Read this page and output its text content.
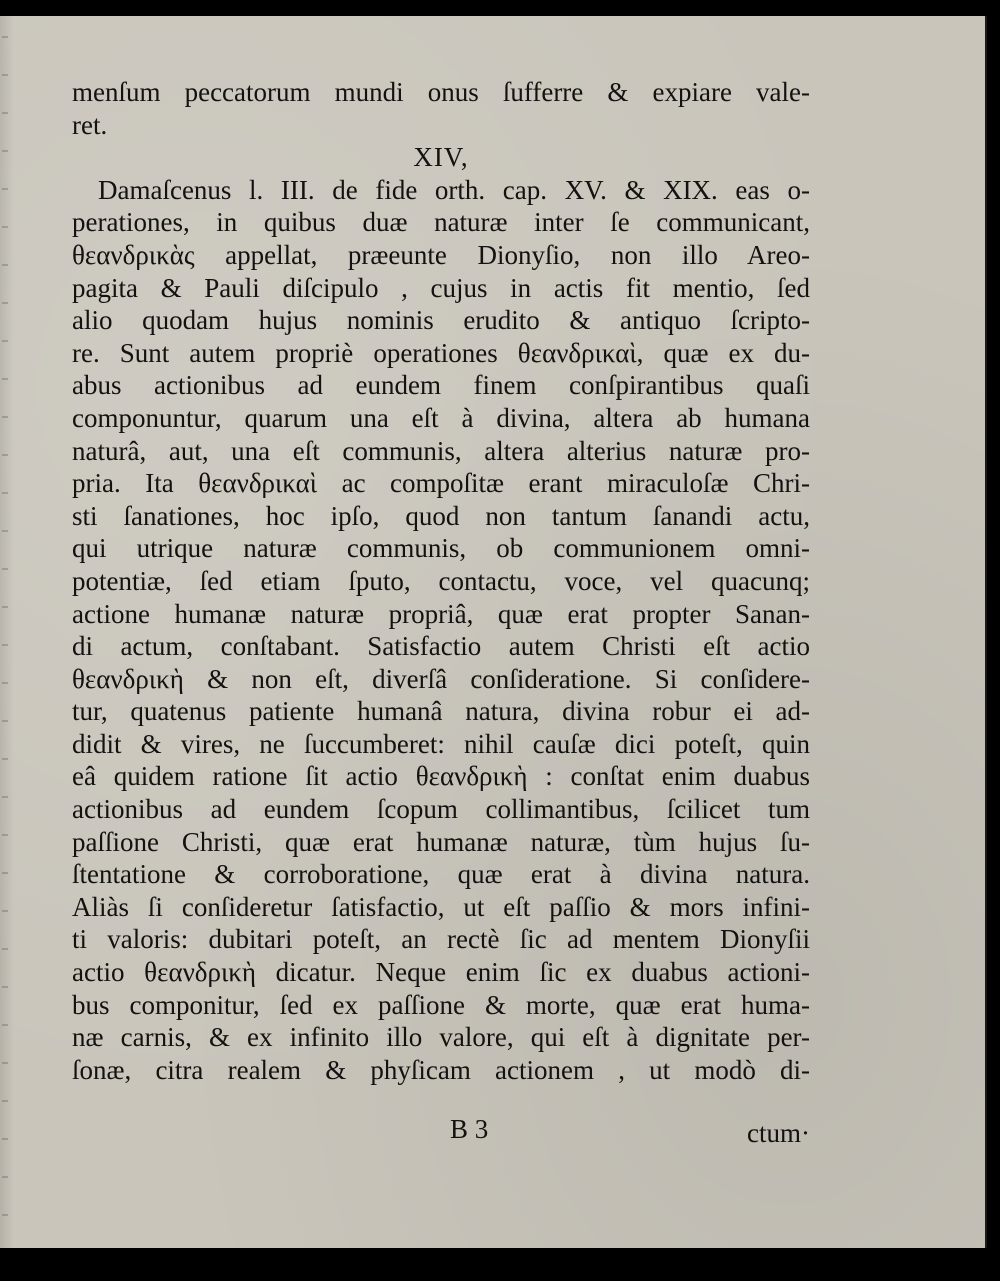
menſum peccatorum mundi onus ſufferre & expiare vale-
ret.
XIV,
Damaſcenus l. III. de fide orth. cap. XV. & XIX. eas o-
perationes, in quibus duæ naturæ inter ſe communicant,
θεανδρικὰς appellat, præeunte Dionyſio, non illo Areo-
pagita & Pauli diſcipulo , cujus in actis fit mentio, ſed
alio quodam hujus nominis erudito & antiquo ſcripto-
re. Sunt autem propriè operationes θεανδρικαὶ, quæ ex du-
abus actionibus ad eundem finem conſpirantibus quaſi
componuntur, quarum una eſt à divina, altera ab humana
naturâ, aut, una eſt communis, altera alterius naturæ pro-
pria. Ita θεανδρικαὶ ac compoſitæ erant miraculoſæ Chri-
sti ſanationes, hoc ipſo, quod non tantum ſanandi actu,
qui utrique naturæ communis, ob communionem omni-
potentiæ, ſed etiam ſputo, contactu, voce, vel quacunq;
actione humanæ naturæ propriâ, quæ erat propter Sanan-
di actum, conſtabant. Satisfactio autem Christi eſt actio
θεανδρικὴ & non eſt, diverſâ conſideratione. Si conſidere-
tur, quatenus patiente humanâ natura, divina robur ei ad-
didit & vires, ne ſuccumberet: nihil cauſæ dici poteſt, quin
eâ quidem ratione ſit actio θεανδρικὴ : conſtat enim duabus
actionibus ad eundem ſcopum collimantibus, ſcilicet tum
paſſione Christi, quæ erat humanæ naturæ, tùm hujus ſu-
ſtentatione & corroboratione, quæ erat à divina natura.
Aliàs ſi conſideretur ſatisfactio, ut eſt paſſio & mors infini-
ti valoris: dubitari poteſt, an rectè ſic ad mentem Dionyſii
actio θεανδρικὴ dicatur. Neque enim ſic ex duabus actioni-
bus componitur, ſed ex paſſione & morte, quæ erat huma-
næ carnis, & ex infinito illo valore, qui eſt à dignitate per-
ſonæ, citra realem & phyſicam actionem , ut modò di-
B 3	ctum·
